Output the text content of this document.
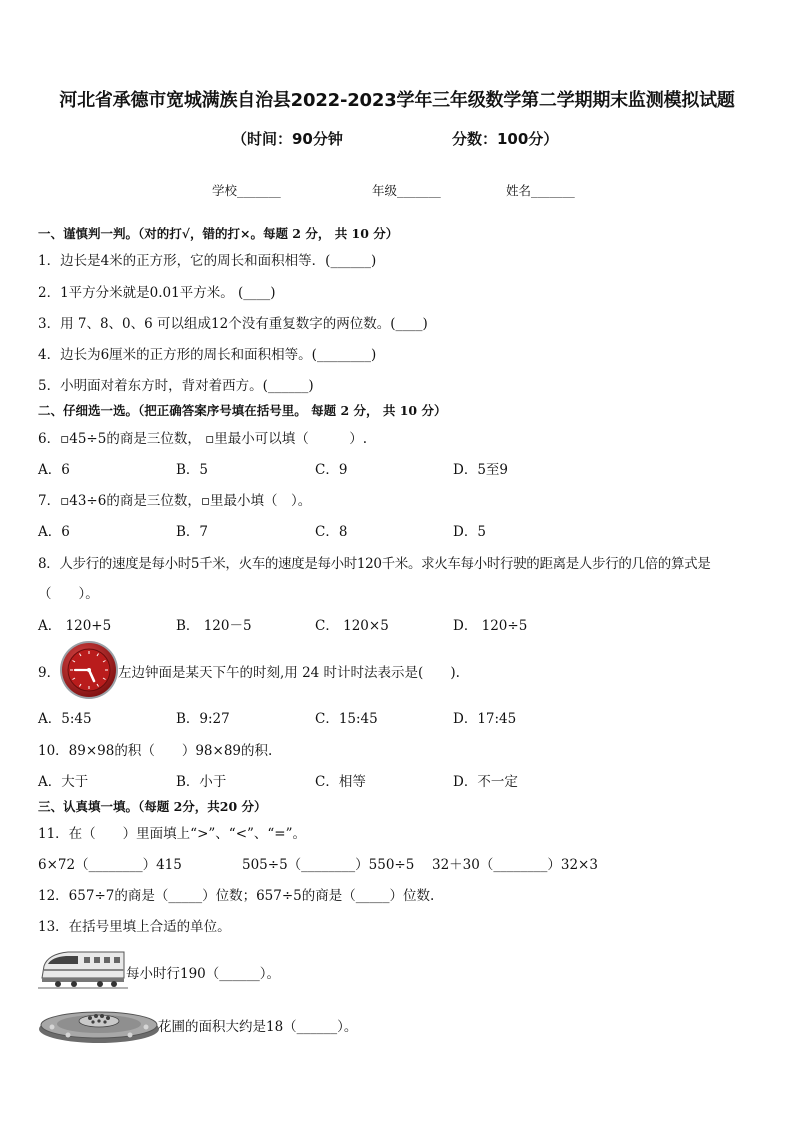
河北省承德市宽城满族自治县2022-2023学年三年级数学第二学期期末监测模拟试题
（时间：90分钟	分数：100分）
学校_______	年级_______	姓名_______
一、谨慎判一判。（对的打√，错的打×。每题 2 分， 共 10 分）
1．边长是4米的正方形，它的周长和面积相等．(______)
2．1平方分米就是0.01平方米。 (____)
3．用 7、8、0、6 可以组成12个没有重复数字的两位数。(____)
4．边长为6厘米的正方形的周长和面积相等。(________)
5．小明面对着东方时，背对着西方。(______)
二、仔细选一选。（把正确答案序号填在括号里。 每题 2 分， 共 10 分）
6．▫45÷5的商是三位数， ▫里最小可以填（　　　）.
A．6	B．5	C．9	D．5至9
7．▫43÷6的商是三位数，▫里最小填（　）。
A．6	B．7	C．8	D．5
8．人步行的速度是每小时5千米，火车的速度是每小时120千米。求火车每小时行驶的距离是人步行的几倍的算式是
（　　）。
A． 120+5	B． 120－5	C． 120×5	D． 120÷5
9．	左边钟面是某天下午的时刻,用 24 时计时法表示是(　　).
A．5:45	B．9:27	C．15:45	D．17:45
10．89×98的积（　　）98×89的积.
A．大于	B．小于	C．相等	D．不一定
三、认真填一填。（每题 2分，共20 分）
11．在（　　）里面填上“>”、“<”、“=”。
6×72（________）415	505÷5（________）550÷5 32＋30（________）32×3
12．657÷7的商是（_____）位数；657÷5的商是（_____）位数.
13．在括号里填上合适的单位。
每小时行190（______）。
花圃的面积大约是18（______）。
